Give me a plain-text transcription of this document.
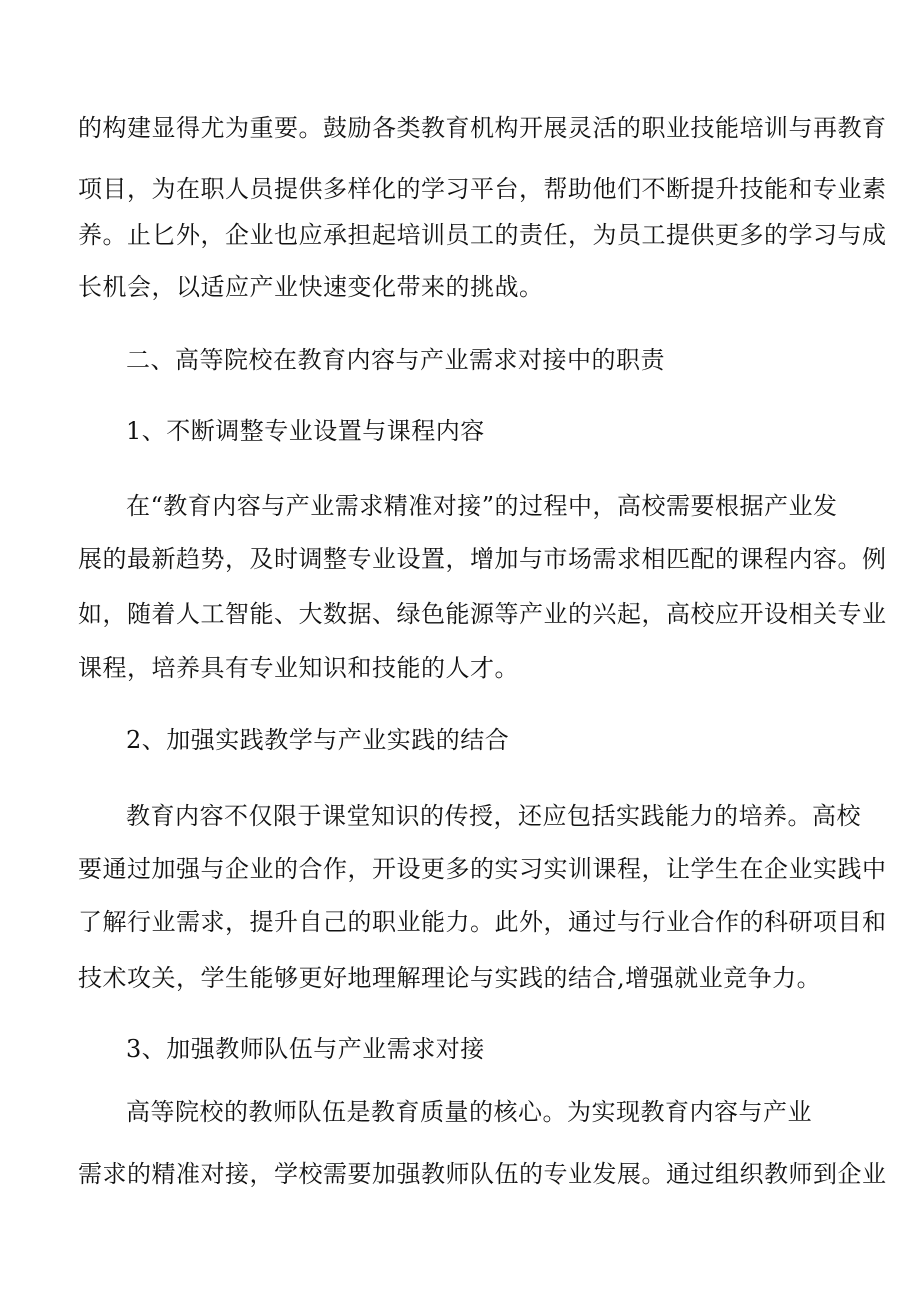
的构建显得尤为重要。鼓励各类教育机构开展灵活的职业技能培训与再教育
项目，为在职人员提供多样化的学习平台，帮助他们不断提升技能和专业素
养。止匕外，企业也应承担起培训员工的责任，为员工提供更多的学习与成
长机会，以适应产业快速变化带来的挑战。
二、高等院校在教育内容与产业需求对接中的职责
1、不断调整专业设置与课程内容
在“教育内容与产业需求精准对接”的过程中，高校需要根据产业发
展的最新趋势，及时调整专业设置，增加与市场需求相匹配的课程内容。例
如，随着人工智能、大数据、绿色能源等产业的兴起，高校应开设相关专业
课程，培养具有专业知识和技能的人才。
2、加强实践教学与产业实践的结合
教育内容不仅限于课堂知识的传授，还应包括实践能力的培养。高校
要通过加强与企业的合作，开设更多的实习实训课程，让学生在企业实践中
了解行业需求，提升自己的职业能力。此外，通过与行业合作的科研项目和
技术攻关，学生能够更好地理解理论与实践的结合,增强就业竞争力。
3、加强教师队伍与产业需求对接
高等院校的教师队伍是教育质量的核心。为实现教育内容与产业
需求的精准对接，学校需要加强教师队伍的专业发展。通过组织教师到企业
